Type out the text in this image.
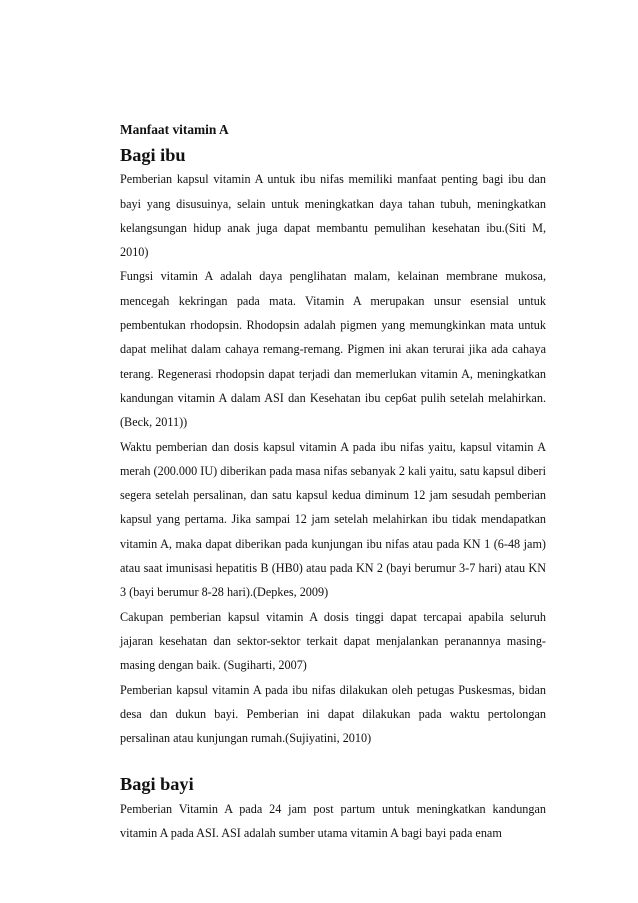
Manfaat vitamin A
Bagi ibu

Pemberian kapsul vitamin A untuk ibu nifas memiliki manfaat penting bagi ibu dan bayi yang disusuinya, selain untuk meningkatkan daya tahan tubuh, meningkatkan kelangsungan hidup anak juga dapat membantu pemulihan kesehatan ibu.(Siti M, 2010)

Fungsi vitamin A adalah daya penglihatan malam, kelainan membrane mukosa, mencegah kekringan pada mata. Vitamin A merupakan unsur esensial untuk pembentukan rhodopsin. Rhodopsin adalah pigmen yang memungkinkan mata untuk dapat melihat dalam cahaya remang-remang. Pigmen ini akan terurai jika ada cahaya terang. Regenerasi rhodopsin dapat terjadi dan memerlukan vitamin A, meningkatkan kandungan vitamin A dalam ASI dan Kesehatan ibu cep6at pulih setelah melahirkan.(Beck, 2011))

Waktu pemberian dan dosis kapsul vitamin A pada ibu nifas yaitu, kapsul vitamin A merah (200.000 IU) diberikan pada masa nifas sebanyak 2 kali yaitu, satu kapsul diberi segera setelah persalinan, dan satu kapsul kedua diminum 12 jam sesudah pemberian kapsul yang pertama. Jika sampai 12 jam setelah melahirkan ibu tidak mendapatkan vitamin A, maka dapat diberikan pada kunjungan ibu nifas atau pada KN 1 (6-48 jam) atau saat imunisasi hepatitis B (HB0) atau pada KN 2 (bayi berumur 3-7 hari) atau KN 3 (bayi berumur 8-28 hari).(Depkes, 2009)

Cakupan pemberian kapsul vitamin A dosis tinggi dapat tercapai apabila seluruh jajaran kesehatan dan sektor-sektor terkait dapat menjalankan peranannya masing-masing dengan baik. (Sugiharti, 2007)

Pemberian kapsul vitamin A pada ibu nifas dilakukan oleh petugas Puskesmas, bidan desa dan dukun bayi. Pemberian ini dapat dilakukan pada waktu pertolongan persalinan atau kunjungan rumah.(Sujiyatini, 2010)

Bagi bayi

Pemberian Vitamin A pada 24 jam post partum untuk meningkatkan kandungan vitamin A pada ASI. ASI adalah sumber utama vitamin A bagi bayi pada enam
